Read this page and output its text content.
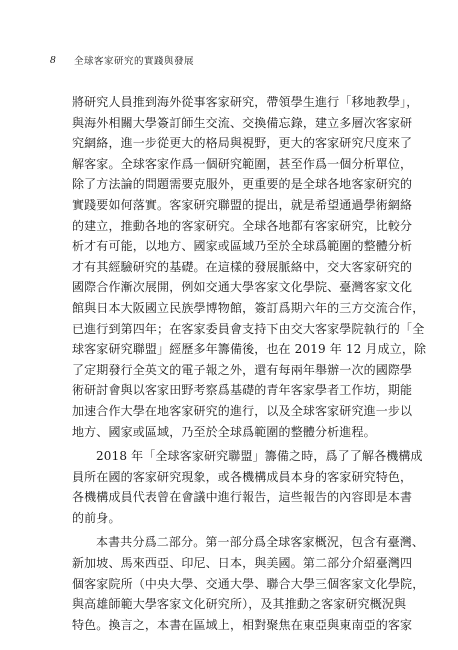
8	全球客家研究的實踐與發展
將研究人員推到海外從事客家研究，帶領學生進行「移地教學」，
與海外相關大學簽訂師生交流、交換備忘錄，建立多層次客家研
究網絡，進一步從更大的格局與視野，更大的客家研究尺度來了
解客家。全球客家作爲一個研究範圍，甚至作爲一個分析單位，
除了方法論的問題需要克服外，更重要的是全球各地客家研究的
實踐要如何落實。客家研究聯盟的提出，就是希望通過學術網絡
的建立，推動各地的客家研究。全球各地都有客家研究，比較分
析才有可能，以地方、國家或區域乃至於全球爲範圍的整體分析
才有其經驗研究的基礎。在這樣的發展脈絡中，交大客家研究的
國際合作漸次展開，例如交通大學客家文化學院、臺灣客家文化
館與日本大阪國立民族學博物館，簽訂爲期六年的三方交流合作，
已進行到第四年；在客家委員會支持下由交大客家學院執行的「全
球客家研究聯盟」經歷多年籌備後，也在 2019 年 12 月成立，除
了定期發行全英文的電子報之外，還有每兩年舉辦一次的國際學
術研討會與以客家田野考察爲基礎的青年客家學者工作坊，期能
加速合作大學在地客家研究的進行，以及全球客家研究進一步以
地方、國家或區域，乃至於全球爲範圍的整體分析進程。
2018 年「全球客家研究聯盟」籌備之時，爲了了解各機構成
員所在國的客家研究現象，或各機構成員本身的客家研究特色，
各機構成員代表曾在會議中進行報告，這些報告的內容即是本書
的前身。
本書共分爲二部分。第一部分爲全球客家概況，包含有臺灣、
新加坡、馬來西亞、印尼、日本，與美國。第二部分介紹臺灣四
個客家院所（中央大學、交通大學、聯合大學三個客家文化學院，
與高雄師範大學客家文化研究所），及其推動之客家研究概況與
特色。換言之，本書在區域上，相對聚焦在東亞與東南亞的客家
